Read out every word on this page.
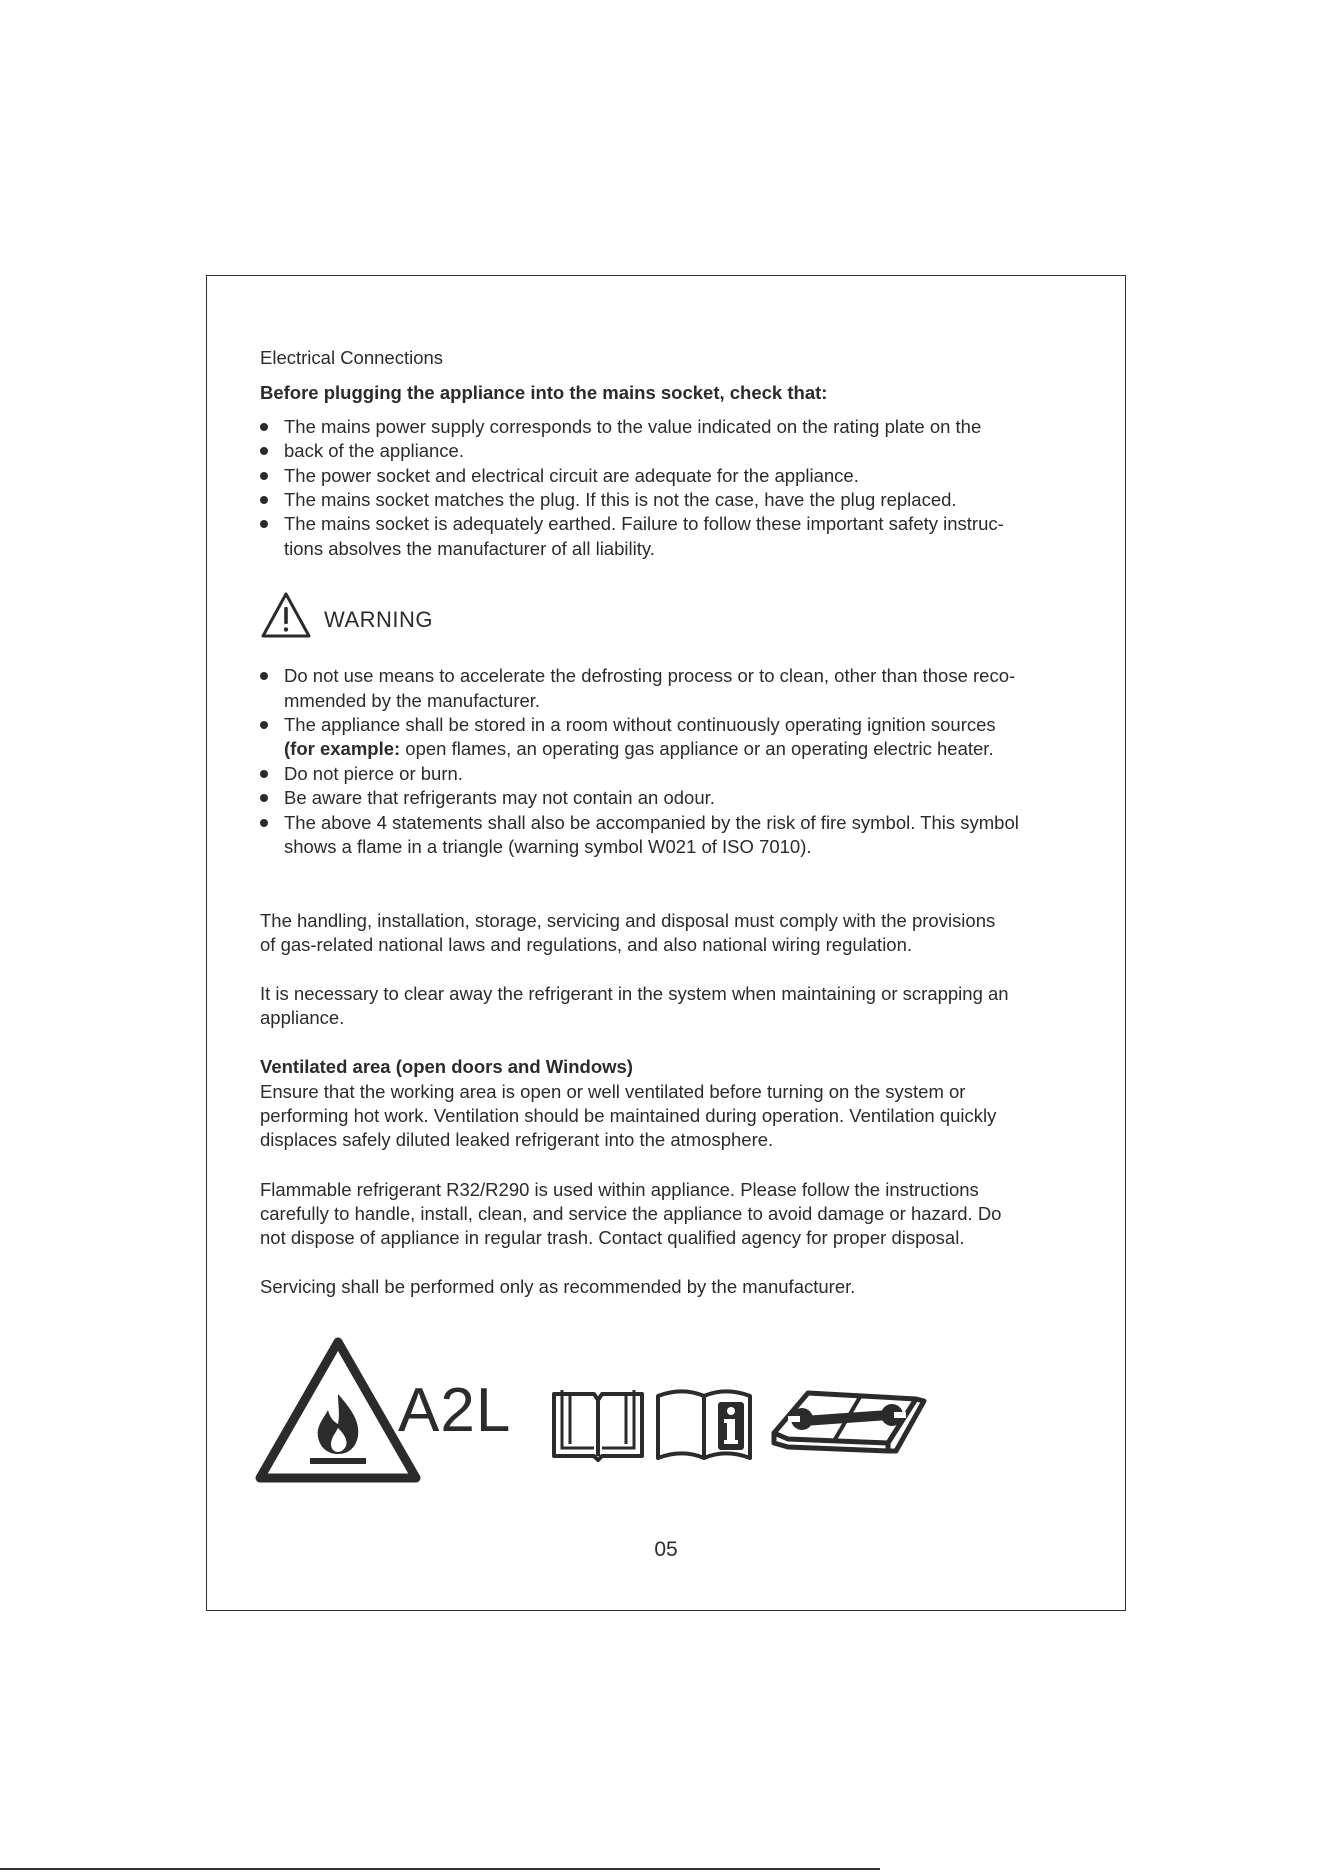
Electrical Connections
Before plugging the appliance into the mains socket, check that:
The mains power supply corresponds to the value indicated on the rating plate on the
back of the appliance.
The power socket and electrical circuit are adequate for the appliance.
The mains socket matches the plug. If this is not the case, have the plug replaced.
The mains socket is adequately earthed. Failure to follow these important safety instruc-
tions absolves the manufacturer of all liability.
WARNING
Do not use means to accelerate the defrosting process or to clean, other than those reco-
mmended by the manufacturer.
The appliance shall be stored in a room without continuously operating ignition sources
(for example: open flames, an operating gas appliance or an operating electric heater.
Do not pierce or burn.
Be aware that refrigerants may not contain an odour.
The above 4 statements shall also be accompanied by the risk of fire symbol. This symbol
shows a flame in a triangle (warning symbol W021 of ISO 7010).
The handling, installation, storage, servicing and disposal must comply with the provisions
of gas-related national laws and regulations, and also national wiring regulation.
It is necessary to clear away the refrigerant in the system when maintaining or scrapping an
appliance.
Ventilated area (open doors and Windows)
Ensure that the working area is open or well ventilated before turning on the system or
performing hot work. Ventilation should be maintained during operation. Ventilation quickly
displaces safely diluted leaked refrigerant into the atmosphere.
Flammable refrigerant R32/R290 is used within appliance. Please follow the instructions
carefully to handle, install, clean, and service the appliance to avoid damage or hazard. Do
not dispose of appliance in regular trash. Contact qualified agency for proper disposal.
Servicing shall be performed only as recommended by the manufacturer.
A2L
05
